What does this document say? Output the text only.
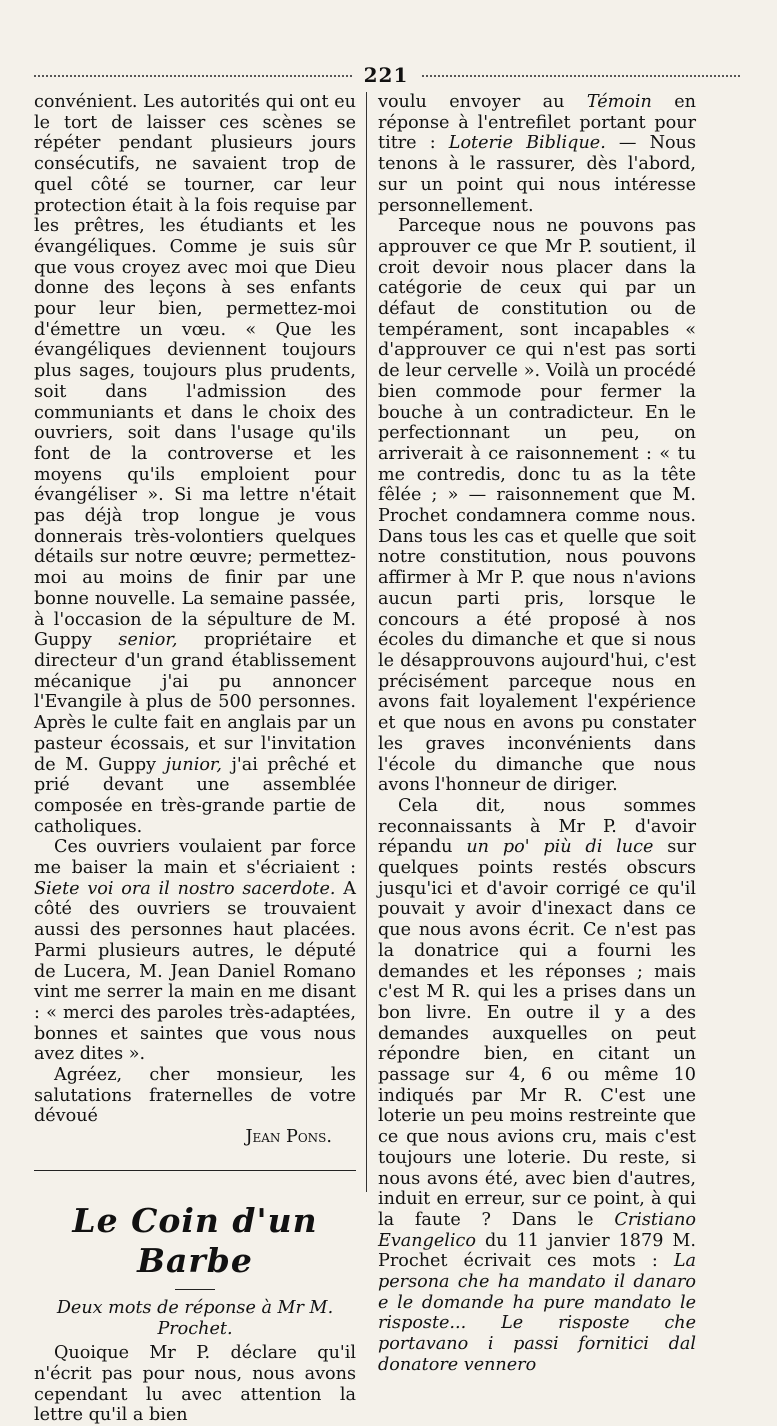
221

convénient. Les autorités qui ont eu le tort de laisser ces scènes se répéter pendant plusieurs jours consécutifs, ne savaient trop de quel côté se tourner, car leur protection était à la fois requise par les prêtres, les étudiants et les évangéliques. Comme je suis sûr que vous croyez avec moi que Dieu donne des leçons à ses enfants pour leur bien, permettez-moi d'émettre un vœu. « Que les évangéliques deviennent toujours plus sages, toujours plus prudents, soit dans l'admission des communiants et dans le choix des ouvriers, soit dans l'usage qu'ils font de la controverse et les moyens qu'ils emploient pour évangéliser ». Si ma lettre n'était pas déjà trop longue je vous donnerais très-volontiers quelques détails sur notre œuvre; permettez-moi au moins de finir par une bonne nouvelle. La semaine passée, à l'occasion de la sépulture de M. Guppy senior, propriétaire et directeur d'un grand établissement mécanique j'ai pu annoncer l'Evangile à plus de 500 personnes. Après le culte fait en anglais par un pasteur écossais, et sur l'invitation de M. Guppy junior, j'ai prêché et prié devant une assemblée composée en très-grande partie de catholiques.

Ces ouvriers voulaient par force me baiser la main et s'écriaient : Siete voi ora il nostro sacerdote. A côté des ouvriers se trouvaient aussi des personnes haut placées. Parmi plusieurs autres, le député de Lucera, M. Jean Daniel Romano vint me serrer la main en me disant : « merci des paroles très-adaptées, bonnes et saintes que vous nous avez dites ».

Agréez, cher monsieur, les salutations fraternelles de votre dévoué

Jean Pons.

Le Coin d'un Barbe
Deux mots de réponse à Mr M. Prochet.

Quoique Mr P. déclare qu'il n'écrit pas pour nous, nous avons cependant lu avec attention la lettre qu'il a bien

voulu envoyer au Témoin en réponse à l'entrefilet portant pour titre : Loterie Biblique. — Nous tenons à le rassurer, dès l'abord, sur un point qui nous intéresse personnellement.

Parceque nous ne pouvons pas approuver ce que Mr P. soutient, il croit devoir nous placer dans la catégorie de ceux qui par un défaut de constitution ou de tempérament, sont incapables « d'approuver ce qui n'est pas sorti de leur cervelle ». Voilà un procédé bien commode pour fermer la bouche à un contradicteur. En le perfectionnant un peu, on arriverait à ce raisonnement : « tu me contredis, donc tu as la tête fêlée ; » — raisonnement que M. Prochet condamnera comme nous. Dans tous les cas et quelle que soit notre constitution, nous pouvons affirmer à Mr P. que nous n'avions aucun parti pris, lorsque le concours a été proposé à nos écoles du dimanche et que si nous le désapprouvons aujourd'hui, c'est précisément parceque nous en avons fait loyalement l'expérience et que nous en avons pu constater les graves inconvénients dans l'école du dimanche que nous avons l'honneur de diriger.

Cela dit, nous sommes reconnaissants à Mr P. d'avoir répandu un po' più di luce sur quelques points restés obscurs jusqu'ici et d'avoir corrigé ce qu'il pouvait y avoir d'inexact dans ce que nous avons écrit. Ce n'est pas la donatrice qui a fourni les demandes et les réponses ; mais c'est M R. qui les a prises dans un bon livre. En outre il y a des demandes auxquelles on peut répondre bien, en citant un passage sur 4, 6 ou même 10 indiqués par Mr R. C'est une loterie un peu moins restreinte que ce que nous avions cru, mais c'est toujours une loterie. Du reste, si nous avons été, avec bien d'autres, induit en erreur, sur ce point, à qui la faute ? Dans le Cristiano Evangelico du 11 janvier 1879 M. Prochet écrivait ces mots : La persona che ha mandato il danaro e le domande ha pure mandato le risposte... Le risposte che portavano i passi fornitici dal donatore vennero
